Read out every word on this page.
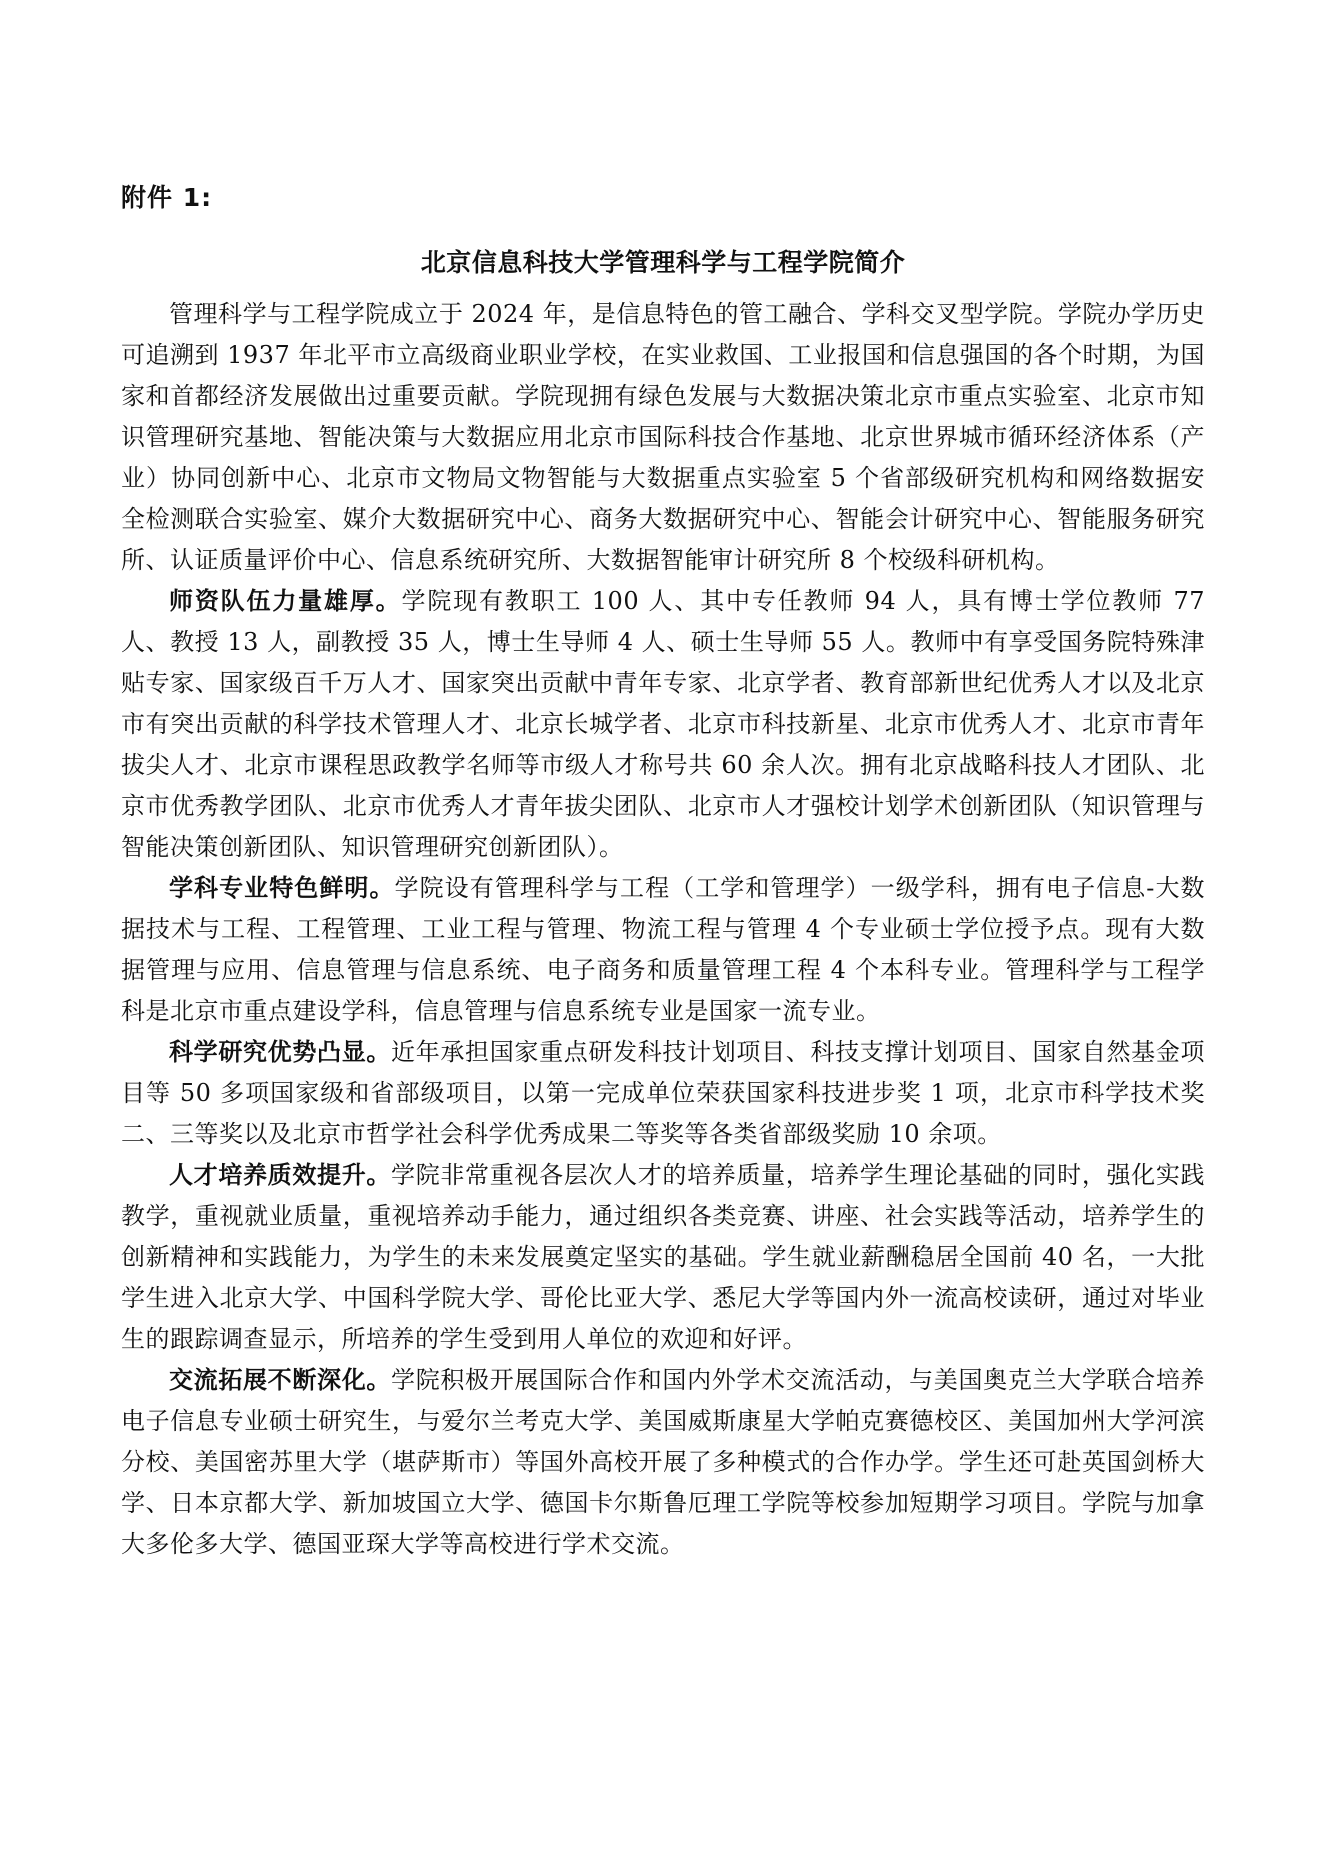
附件 1:
北京信息科技大学管理科学与工程学院简介

管理科学与工程学院成立于 2024 年，是信息特色的管工融合、学科交叉型学院。学院办学历史可追溯到 1937 年北平市立高级商业职业学校，在实业救国、工业报国和信息强国的各个时期，为国家和首都经济发展做出过重要贡献。学院现拥有绿色发展与大数据决策北京市重点实验室、北京市知识管理研究基地、智能决策与大数据应用北京市国际科技合作基地、北京世界城市循环经济体系（产业）协同创新中心、北京市文物局文物智能与大数据重点实验室 5 个省部级研究机构和网络数据安全检测联合实验室、媒介大数据研究中心、商务大数据研究中心、智能会计研究中心、智能服务研究所、认证质量评价中心、信息系统研究所、大数据智能审计研究所 8 个校级科研机构。

师资队伍力量雄厚。学院现有教职工 100 人、其中专任教师 94 人，具有博士学位教师 77 人、教授 13 人，副教授 35 人，博士生导师 4 人、硕士生导师 55 人。教师中有享受国务院特殊津贴专家、国家级百千万人才、国家突出贡献中青年专家、北京学者、教育部新世纪优秀人才以及北京市有突出贡献的科学技术管理人才、北京长城学者、北京市科技新星、北京市优秀人才、北京市青年拔尖人才、北京市课程思政教学名师等市级人才称号共 60 余人次。拥有北京战略科技人才团队、北京市优秀教学团队、北京市优秀人才青年拔尖团队、北京市人才强校计划学术创新团队（知识管理与智能决策创新团队、知识管理研究创新团队）。

学科专业特色鲜明。学院设有管理科学与工程（工学和管理学）一级学科，拥有电子信息-大数据技术与工程、工程管理、工业工程与管理、物流工程与管理 4 个专业硕士学位授予点。现有大数据管理与应用、信息管理与信息系统、电子商务和质量管理工程 4 个本科专业。管理科学与工程学科是北京市重点建设学科，信息管理与信息系统专业是国家一流专业。

科学研究优势凸显。近年承担国家重点研发科技计划项目、科技支撑计划项目、国家自然基金项目等 50 多项国家级和省部级项目，以第一完成单位荣获国家科技进步奖 1 项，北京市科学技术奖二、三等奖以及北京市哲学社会科学优秀成果二等奖等各类省部级奖励 10 余项。

人才培养质效提升。学院非常重视各层次人才的培养质量，培养学生理论基础的同时，强化实践教学，重视就业质量，重视培养动手能力，通过组织各类竞赛、讲座、社会实践等活动，培养学生的创新精神和实践能力，为学生的未来发展奠定坚实的基础。学生就业薪酬稳居全国前 40 名，一大批学生进入北京大学、中国科学院大学、哥伦比亚大学、悉尼大学等国内外一流高校读研，通过对毕业生的跟踪调查显示，所培养的学生受到用人单位的欢迎和好评。

交流拓展不断深化。学院积极开展国际合作和国内外学术交流活动，与美国奥克兰大学联合培养电子信息专业硕士研究生，与爱尔兰考克大学、美国威斯康星大学帕克赛德校区、美国加州大学河滨分校、美国密苏里大学（堪萨斯市）等国外高校开展了多种模式的合作办学。学生还可赴英国剑桥大学、日本京都大学、新加坡国立大学、德国卡尔斯鲁厄理工学院等校参加短期学习项目。学院与加拿大多伦多大学、德国亚琛大学等高校进行学术交流。
